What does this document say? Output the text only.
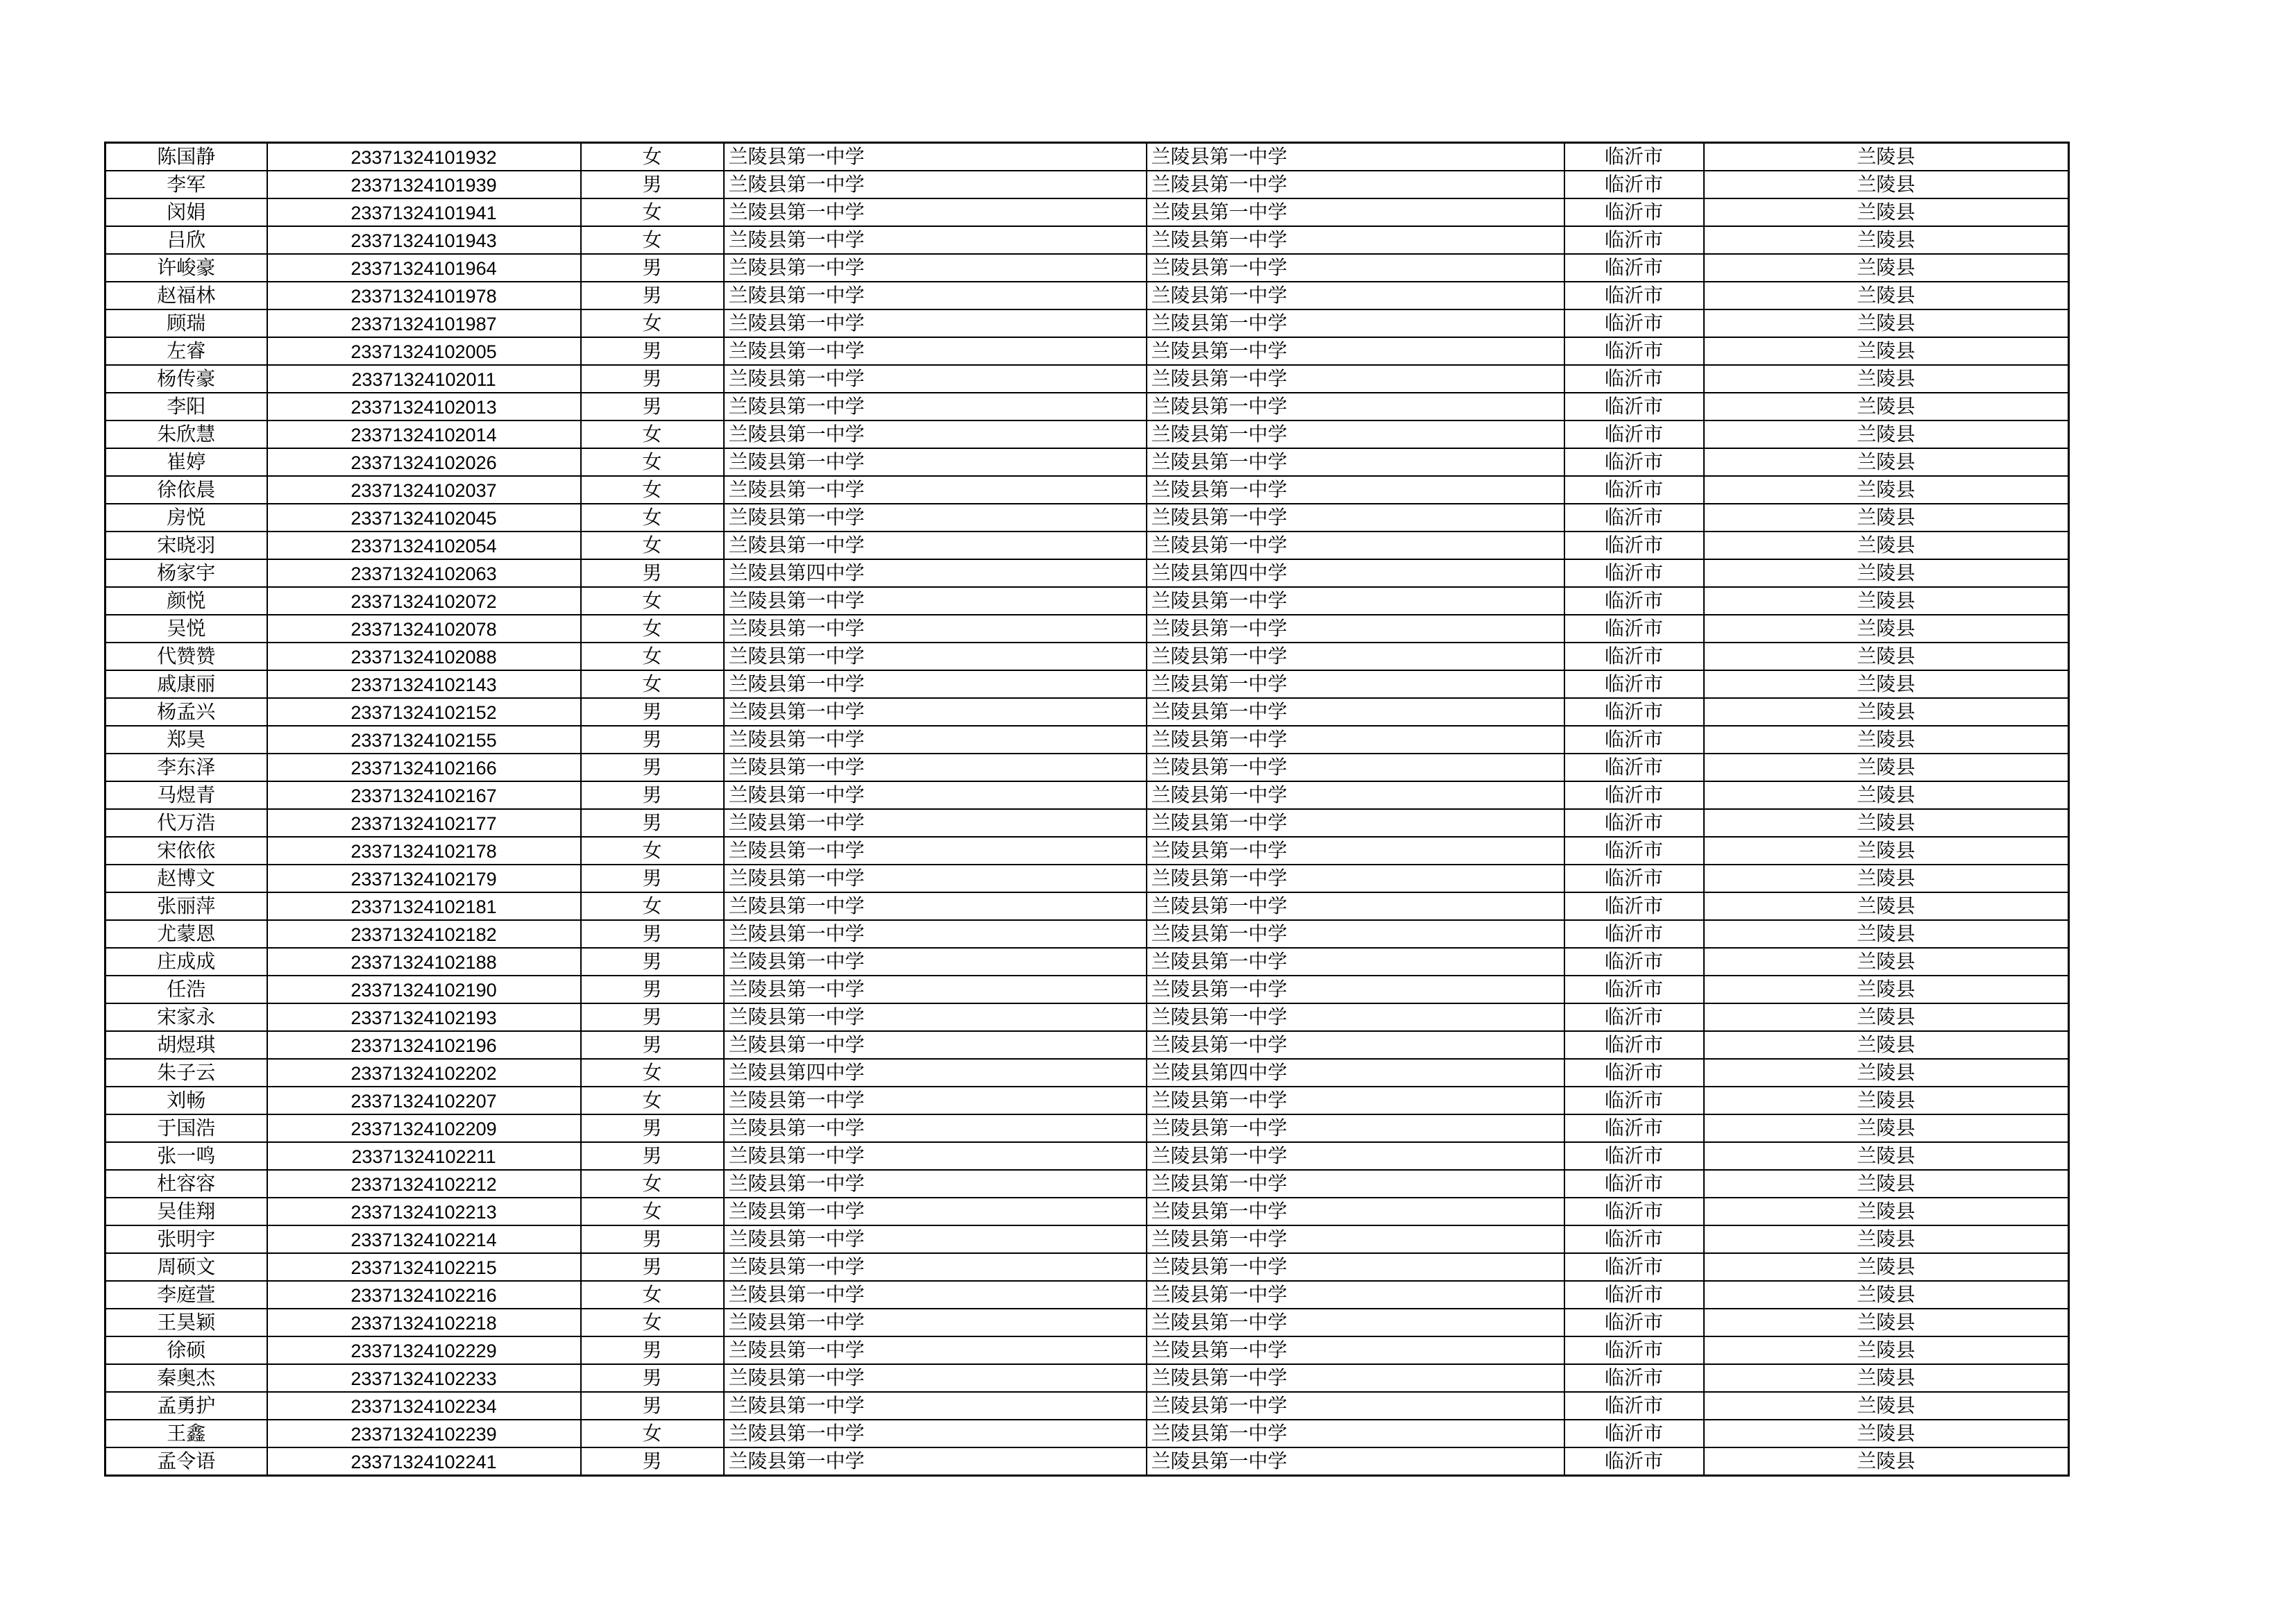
陈国静	23371324101932	女	兰陵县第一中学	兰陵县第一中学	临沂市	兰陵县
李军	23371324101939	男	兰陵县第一中学	兰陵县第一中学	临沂市	兰陵县
闵娟	23371324101941	女	兰陵县第一中学	兰陵县第一中学	临沂市	兰陵县
吕欣	23371324101943	女	兰陵县第一中学	兰陵县第一中学	临沂市	兰陵县
许峻豪	23371324101964	男	兰陵县第一中学	兰陵县第一中学	临沂市	兰陵县
赵福林	23371324101978	男	兰陵县第一中学	兰陵县第一中学	临沂市	兰陵县
顾瑞	23371324101987	女	兰陵县第一中学	兰陵县第一中学	临沂市	兰陵县
左睿	23371324102005	男	兰陵县第一中学	兰陵县第一中学	临沂市	兰陵县
杨传豪	23371324102011	男	兰陵县第一中学	兰陵县第一中学	临沂市	兰陵县
李阳	23371324102013	男	兰陵县第一中学	兰陵县第一中学	临沂市	兰陵县
朱欣慧	23371324102014	女	兰陵县第一中学	兰陵县第一中学	临沂市	兰陵县
崔婷	23371324102026	女	兰陵县第一中学	兰陵县第一中学	临沂市	兰陵县
徐依晨	23371324102037	女	兰陵县第一中学	兰陵县第一中学	临沂市	兰陵县
房悦	23371324102045	女	兰陵县第一中学	兰陵县第一中学	临沂市	兰陵县
宋晓羽	23371324102054	女	兰陵县第一中学	兰陵县第一中学	临沂市	兰陵县
杨家宇	23371324102063	男	兰陵县第四中学	兰陵县第四中学	临沂市	兰陵县
颜悦	23371324102072	女	兰陵县第一中学	兰陵县第一中学	临沂市	兰陵县
吴悦	23371324102078	女	兰陵县第一中学	兰陵县第一中学	临沂市	兰陵县
代赞赞	23371324102088	女	兰陵县第一中学	兰陵县第一中学	临沂市	兰陵县
戚康丽	23371324102143	女	兰陵县第一中学	兰陵县第一中学	临沂市	兰陵县
杨孟兴	23371324102152	男	兰陵县第一中学	兰陵县第一中学	临沂市	兰陵县
郑昊	23371324102155	男	兰陵县第一中学	兰陵县第一中学	临沂市	兰陵县
李东泽	23371324102166	男	兰陵县第一中学	兰陵县第一中学	临沂市	兰陵县
马煜青	23371324102167	男	兰陵县第一中学	兰陵县第一中学	临沂市	兰陵县
代万浩	23371324102177	男	兰陵县第一中学	兰陵县第一中学	临沂市	兰陵县
宋依依	23371324102178	女	兰陵县第一中学	兰陵县第一中学	临沂市	兰陵县
赵博文	23371324102179	男	兰陵县第一中学	兰陵县第一中学	临沂市	兰陵县
张丽萍	23371324102181	女	兰陵县第一中学	兰陵县第一中学	临沂市	兰陵县
尤蒙恩	23371324102182	男	兰陵县第一中学	兰陵县第一中学	临沂市	兰陵县
庄成成	23371324102188	男	兰陵县第一中学	兰陵县第一中学	临沂市	兰陵县
任浩	23371324102190	男	兰陵县第一中学	兰陵县第一中学	临沂市	兰陵县
宋家永	23371324102193	男	兰陵县第一中学	兰陵县第一中学	临沂市	兰陵县
胡煜琪	23371324102196	男	兰陵县第一中学	兰陵县第一中学	临沂市	兰陵县
朱子云	23371324102202	女	兰陵县第四中学	兰陵县第四中学	临沂市	兰陵县
刘畅	23371324102207	女	兰陵县第一中学	兰陵县第一中学	临沂市	兰陵县
于国浩	23371324102209	男	兰陵县第一中学	兰陵县第一中学	临沂市	兰陵县
张一鸣	23371324102211	男	兰陵县第一中学	兰陵县第一中学	临沂市	兰陵县
杜容容	23371324102212	女	兰陵县第一中学	兰陵县第一中学	临沂市	兰陵县
吴佳翔	23371324102213	女	兰陵县第一中学	兰陵县第一中学	临沂市	兰陵县
张明宇	23371324102214	男	兰陵县第一中学	兰陵县第一中学	临沂市	兰陵县
周硕文	23371324102215	男	兰陵县第一中学	兰陵县第一中学	临沂市	兰陵县
李庭萱	23371324102216	女	兰陵县第一中学	兰陵县第一中学	临沂市	兰陵县
王昊颖	23371324102218	女	兰陵县第一中学	兰陵县第一中学	临沂市	兰陵县
徐硕	23371324102229	男	兰陵县第一中学	兰陵县第一中学	临沂市	兰陵县
秦奥杰	23371324102233	男	兰陵县第一中学	兰陵县第一中学	临沂市	兰陵县
孟勇护	23371324102234	男	兰陵县第一中学	兰陵县第一中学	临沂市	兰陵县
王鑫	23371324102239	女	兰陵县第一中学	兰陵县第一中学	临沂市	兰陵县
孟令语	23371324102241	男	兰陵县第一中学	兰陵县第一中学	临沂市	兰陵县
